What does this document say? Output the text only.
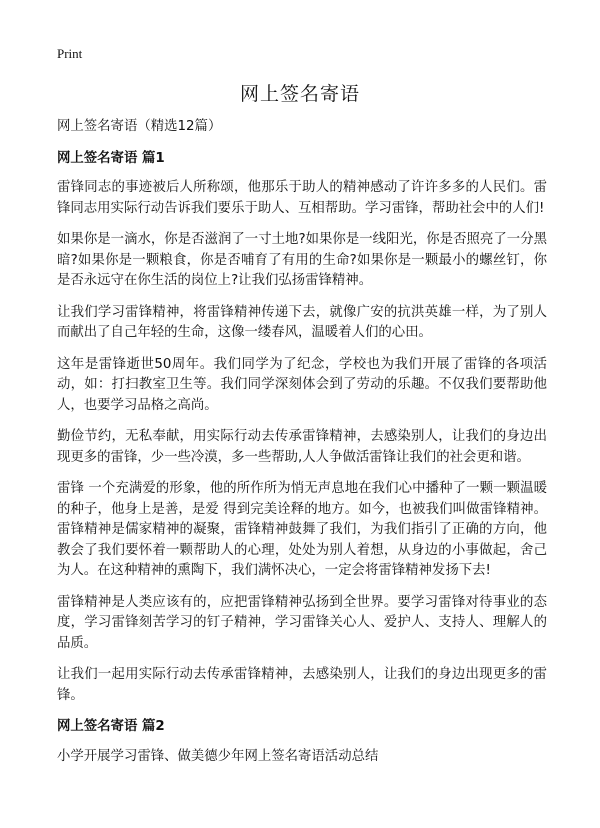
Print
网上签名寄语

网上签名寄语（精选12篇）

网上签名寄语 篇1

雷锋同志的事迹被后人所称颂，他那乐于助人的精神感动了许许多多的人民们。雷锋同志用实际行动告诉我们要乐于助人、互相帮助。学习雷锋，帮助社会中的人们!

如果你是一滴水，你是否滋润了一寸土地?如果你是一线阳光，你是否照亮了一分黑暗?如果你是一颗粮食，你是否哺育了有用的生命?如果你是一颗最小的螺丝钉，你是否永远守在你生活的岗位上?让我们弘扬雷锋精神。

让我们学习雷锋精神，将雷锋精神传递下去，就像广安的抗洪英雄一样，为了别人而献出了自己年轻的生命，这像一缕春风，温暖着人们的心田。

这年是雷锋逝世50周年。我们同学为了纪念，学校也为我们开展了雷锋的各项活动，如：打扫教室卫生等。我们同学深刻体会到了劳动的乐趣。不仅我们要帮助他人，也要学习品格之高尚。

勤俭节约，无私奉献，用实际行动去传承雷锋精神，去感染别人，让我们的身边出现更多的雷锋，少一些冷漠，多一些帮助,人人争做活雷锋让我们的社会更和谐。

雷锋 一个充满爱的形象，他的所作所为悄无声息地在我们心中播种了一颗一颗温暖的种子，他身上是善，是爱 得到完美诠释的地方。如今，也被我们叫做雷锋精神。雷锋精神是儒家精神的凝聚，雷锋精神鼓舞了我们，为我们指引了正确的方向，他教会了我们要怀着一颗帮助人的心理，处处为别人着想，从身边的小事做起，舍己为人。在这种精神的熏陶下，我们满怀决心，一定会将雷锋精神发扬下去!

雷锋精神是人类应该有的，应把雷锋精神弘扬到全世界。要学习雷锋对待事业的态度，学习雷锋刻苦学习的钉子精神，学习雷锋关心人、爱护人、支持人、理解人的品质。

让我们一起用实际行动去传承雷锋精神，去感染别人，让我们的身边出现更多的雷锋。

网上签名寄语 篇2

小学开展学习雷锋、做美德少年网上签名寄语活动总结
